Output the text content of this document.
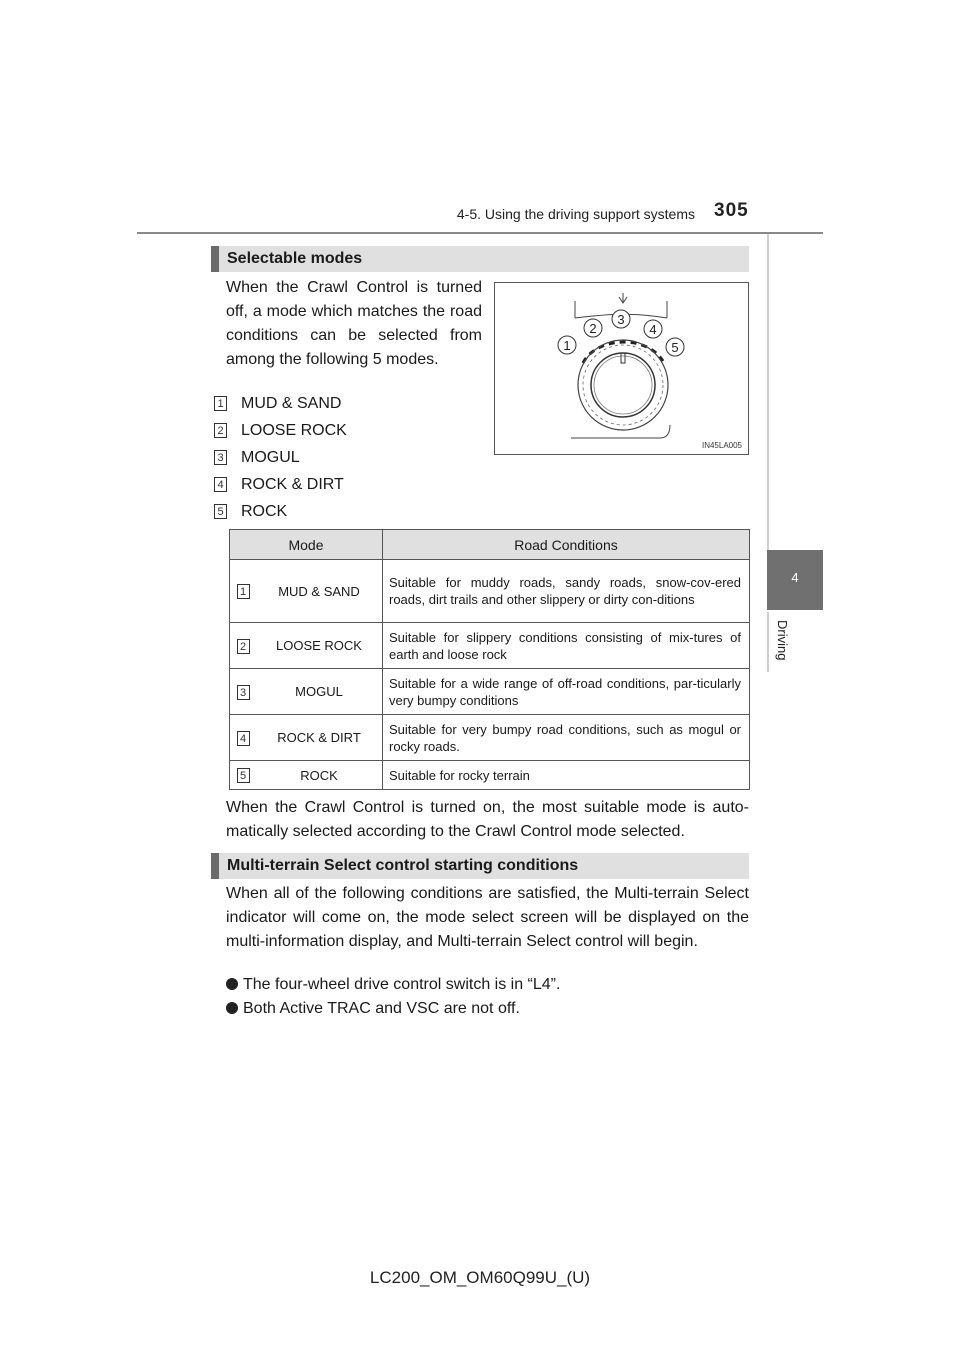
4-5. Using the driving support systems 305
4
Driving
Selectable modes
When the Crawl Control is turned off, a mode which matches the road conditions can be selected from among the following 5 modes.
1 MUD & SAND
2 LOOSE ROCK
3 MOGUL
4 ROCK & DIRT
5 ROCK
1
2
3
4
5
IN45LA005
Mode		Road Conditions
1	MUD & SAND	Suitable for muddy roads, sandy roads, snow-cov-ered roads, dirt trails and other slippery or dirty con-ditions
2	LOOSE ROCK	Suitable for slippery conditions consisting of mix-tures of earth and loose rock
3	MOGUL	Suitable for a wide range of off-road conditions, par-ticularly very bumpy conditions
4	ROCK & DIRT	Suitable for very bumpy road conditions, such as mogul or rocky roads.
5	ROCK	Suitable for rocky terrain
When the Crawl Control is turned on, the most suitable mode is auto-matically selected according to the Crawl Control mode selected.
Multi-terrain Select control starting conditions
When all of the following conditions are satisfied, the Multi-terrain Select indicator will come on, the mode select screen will be displayed on the multi-information display, and Multi-terrain Select control will begin.
The four-wheel drive control switch is in “L4”.
Both Active TRAC and VSC are not off.
LC200_OM_OM60Q99U_(U)
